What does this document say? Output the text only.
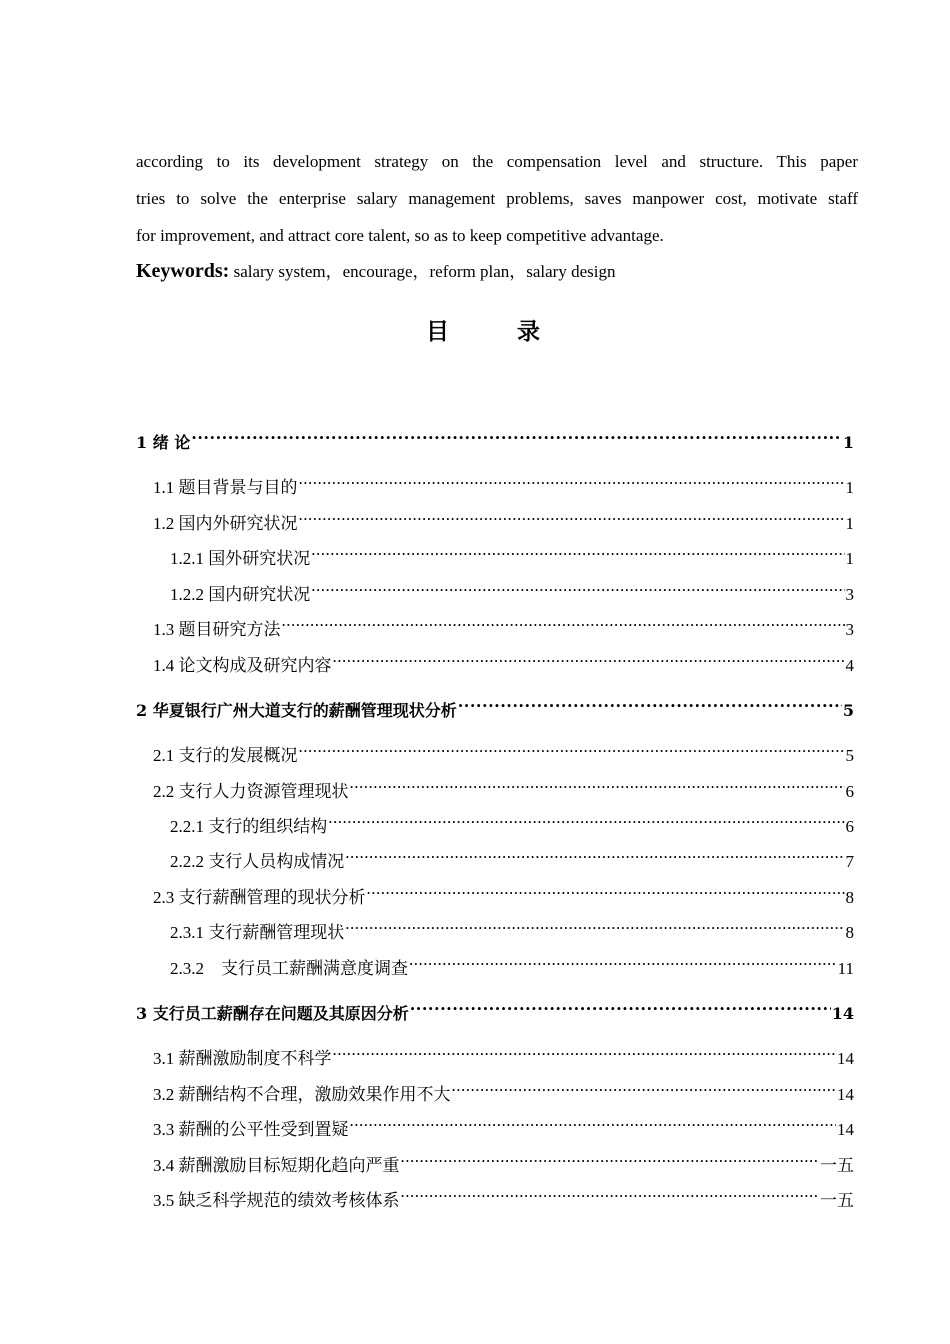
according to its development strategy on the compensation level and structure. This paper

tries to solve the enterprise salary management problems, saves manpower cost, motivate staff

for improvement, and attract core talent, so as to keep competitive advantage.

Keywords: salary system，encourage，reform plan，salary design
目 录
1 绪 论 .....	1
1.1 题目背景与目的 .....	1
1.2 国内外研究状况 .....	1
1.2.1 国外研究状况 .....	1
1.2.2 国内研究状况 .....	3
1.3 题目研究方法 .....	3
1.4 论文构成及研究内容 .....	4
2 华夏银行广州大道支行的薪酬管理现状分析 .....	5
2.1 支行的发展概况 .....	5
2.2 支行人力资源管理现状 .....	6
2.2.1 支行的组织结构 .....	6
2.2.2 支行人员构成情况 .....	7
2.3 支行薪酬管理的现状分析 .....	8
2.3.1 支行薪酬管理现状 .....	8
2.3.2    支行员工薪酬满意度调查 .....	11
3 支行员工薪酬存在问题及其原因分析 .....	14
3.1 薪酬激励制度不科学 .....	14
3.2 薪酬结构不合理，激励效果作用不大 .....	14
3.3 薪酬的公平性受到置疑 .....	14
3.4 薪酬激励目标短期化趋向严重 .....	一五
3.5 缺乏科学规范的绩效考核体系 .....	一五
